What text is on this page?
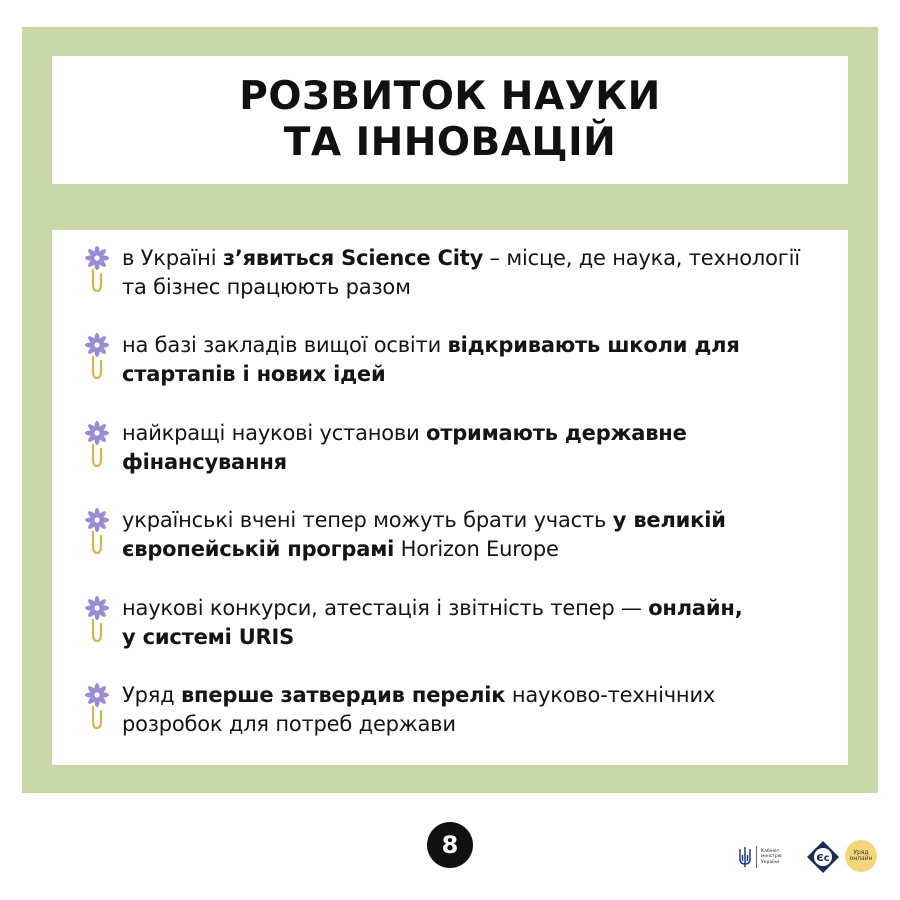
РОЗВИТОК НАУКИ
ТА ІННОВАЦІЙ
в Україні з’явиться Science City – місце, де наука, технології
та бізнес працюють разом
на базі закладів вищої освіти відкривають школи для
стартапів і нових ідей
найкращі наукові установи отримають державне
фінансування
українські вчені тепер можуть брати участь у великій
європейській програмі Horizon Europe
наукові конкурси, атестація і звітність тепер — онлайн,
у системі URIS
Уряд вперше затвердив перелік науково-технічних
розробок для потреб держави
8	Кабінет міністрів України	Єс
Уряд
онлайн
